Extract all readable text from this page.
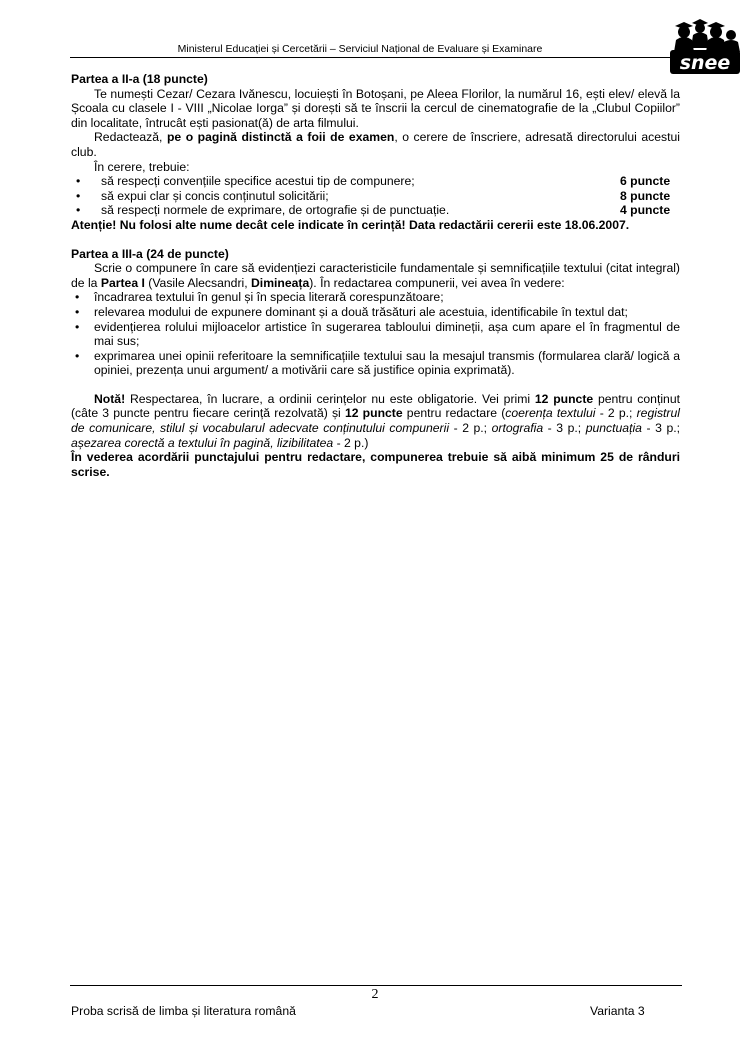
Ministerul Educației și Cercetării – Serviciul Național de Evaluare și Examinare
snee

Partea a II-a (18 puncte)

Te numești Cezar/ Cezara Ivănescu, locuiești în Botoșani, pe Aleea Florilor, la numărul 16, ești elev/ elevă la Școala cu clasele I - VIII „Nicolae Iorga” și dorești să te înscrii la cercul de cinematografie de la „Clubul Copiilor” din localitate, întrucât ești pasionat(ă) de arta filmului.

Redactează, pe o pagină distinctă a foii de examen, o cerere de înscriere, adresată directorului acestui club.

În cerere, trebuie:

• să respecți convențiile specifice acestui tip de compunere;	6 puncte
• să expui clar și concis conținutul solicitării;	8 puncte
• să respecți normele de exprimare, de ortografie și de punctuație.	4 puncte

Atenție! Nu folosi alte nume decât cele indicate în cerință! Data redactării cererii este 18.06.2007.

Partea a III-a (24 de puncte)

Scrie o compunere în care să evidențiezi caracteristicile fundamentale și semnificațiile textului (citat integral) de la Partea I (Vasile Alecsandri, Dimineața). În redactarea compunerii, vei avea în vedere:

• încadrarea textului în genul și în specia literară corespunzătoare;
• relevarea modului de expunere dominant și a două trăsături ale acestuia, identificabile în textul dat;
• evidențierea rolului mijloacelor artistice în sugerarea tabloului dimineții, așa cum apare el în fragmentul de mai sus;
• exprimarea unei opinii referitoare la semnificațiile textului sau la mesajul transmis (formularea clară/ logică a opiniei, prezența unui argument/ a motivării care să justifice opinia exprimată).

Notă! Respectarea, în lucrare, a ordinii cerințelor nu este obligatorie. Vei primi 12 puncte pentru conținut (câte 3 puncte pentru fiecare cerință rezolvată) și 12 puncte pentru redactare (coerența textului - 2 p.; registrul de comunicare, stilul și vocabularul adecvate conținutului compunerii - 2 p.; ortografia - 3 p.; punctuația - 3 p.; așezarea corectă a textului în pagină, lizibilitatea - 2 p.)

În vederea acordării punctajului pentru redactare, compunerea trebuie să aibă minimum 25 de rânduri scrise.

2
Proba scrisă de limba și literatura română	Varianta 3
